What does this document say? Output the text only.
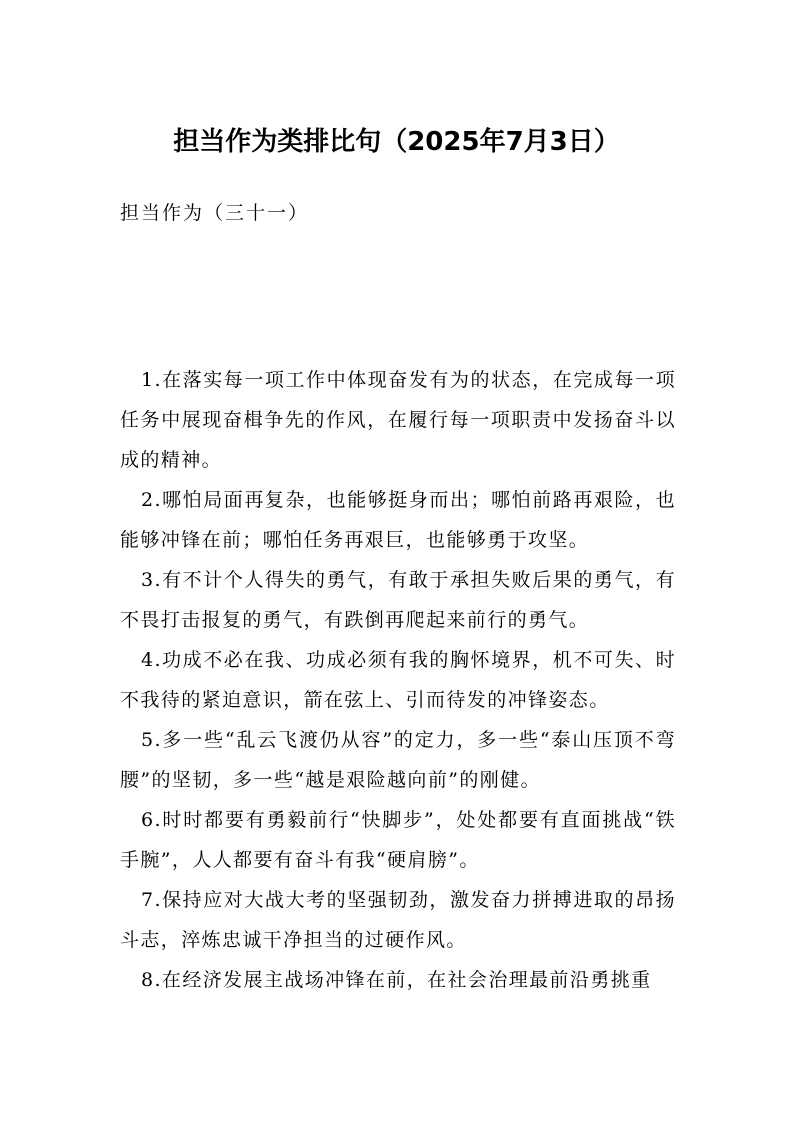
担当作为类排比句（2025年7月3日）
担当作为（三十一）

1.在落实每一项工作中体现奋发有为的状态，在完成每一项任务中展现奋楫争先的作风，在履行每一项职责中发扬奋斗以成的精神。

2.哪怕局面再复杂，也能够挺身而出；哪怕前路再艰险，也能够冲锋在前；哪怕任务再艰巨，也能够勇于攻坚。

3.有不计个人得失的勇气，有敢于承担失败后果的勇气，有不畏打击报复的勇气，有跌倒再爬起来前行的勇气。

4.功成不必在我、功成必须有我的胸怀境界，机不可失、时不我待的紧迫意识，箭在弦上、引而待发的冲锋姿态。

5.多一些“乱云飞渡仍从容”的定力，多一些“泰山压顶不弯腰”的坚韧，多一些“越是艰险越向前”的刚健。

6.时时都要有勇毅前行“快脚步”，处处都要有直面挑战“铁手腕”，人人都要有奋斗有我“硬肩膀”。

7.保持应对大战大考的坚强韧劲，激发奋力拼搏进取的昂扬斗志，淬炼忠诚干净担当的过硬作风。

8.在经济发展主战场冲锋在前，在社会治理最前沿勇挑重
